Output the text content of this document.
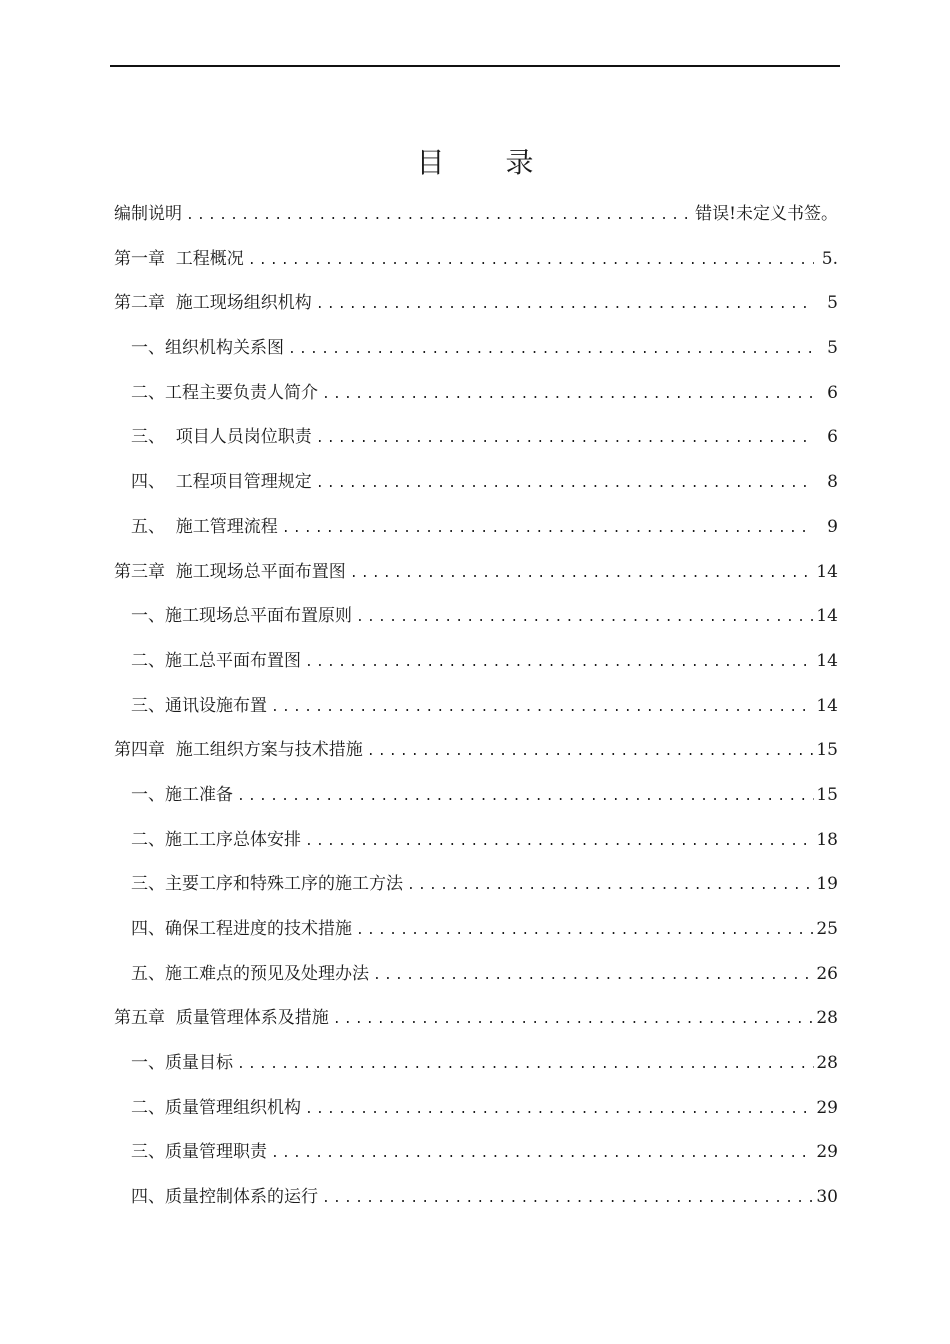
目 录
编制说明 .....	错误!未定义书签。
第一章  工程概况 .....	5.
第二章  施工现场组织机构 .....	5
一、组织机构关系图 .....	5
二、工程主要负责人简介 .....	6
三、  项目人员岗位职责 .....	6
四、  工程项目管理规定 .....	8
五、  施工管理流程 .....	9
第三章  施工现场总平面布置图 .....	14
一、施工现场总平面布置原则 .....	14
二、施工总平面布置图 .....	14
三、通讯设施布置 .....	14
第四章  施工组织方案与技术措施 .....	15
一、施工准备 .....	15
二、施工工序总体安排 .....	18
三、主要工序和特殊工序的施工方法 .....	19
四、确保工程进度的技术措施 .....	25
五、施工难点的预见及处理办法 .....	26
第五章  质量管理体系及措施 .....	28
一、质量目标 .....	28
二、质量管理组织机构 .....	29
三、质量管理职责 .....	29
四、质量控制体系的运行 .....	30
